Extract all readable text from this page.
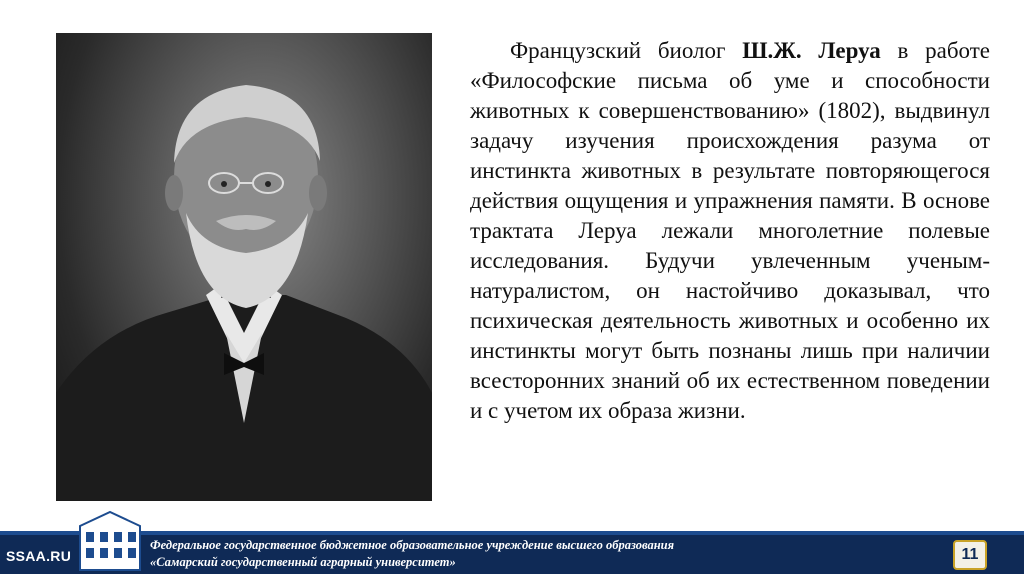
Французский биолог Ш.Ж. Леруа в работе «Философские письма об уме и способности животных к совершенствованию» (1802), выдвинул задачу изучения происхождения разума от инстинкта животных в результате повторяющегося действия ощущения и упражнения памяти. В основе трактата Леруа лежали многолетние полевые исследования. Будучи увлеченным ученым-натуралистом, он настойчиво доказывал, что психическая деятельность животных и особенно их инстинкты могут быть познаны лишь при наличии всесторонних знаний об их естественном поведении и с учетом их образа жизни.

SSAA.RU
Федеральное государственное бюджетное образовательное учреждение высшего образования
«Самарский государственный аграрный университет»	11
